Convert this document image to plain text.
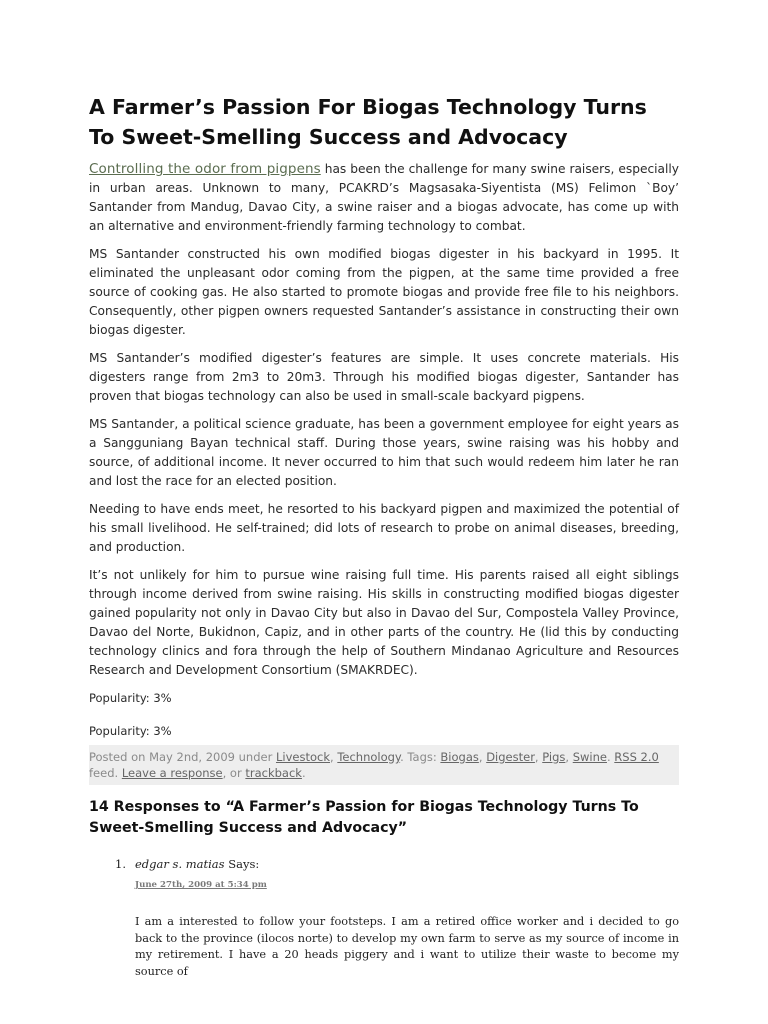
A Farmer’s Passion For Biogas Technology Turns To Sweet-Smelling Success and Advocacy

Controlling the odor from pigpens has been the challenge for many swine raisers, especially in urban areas. Unknown to many, PCAKRD’s Magsasaka-Siyentista (MS) Felimon `Boy’ Santander from Mandug, Davao City, a swine raiser and a biogas advocate, has come up with an alternative and environment-friendly farming technology to combat.

MS Santander constructed his own modified biogas digester in his backyard in 1995. It eliminated the unpleasant odor coming from the pigpen, at the same time provided a free source of cooking gas. He also started to promote biogas and provide free file to his neighbors. Consequently, other pigpen owners requested Santander’s assistance in constructing their own biogas digester.

MS Santander’s modified digester’s features are simple. It uses concrete materials. His digesters range from 2m3 to 20m3. Through his modified biogas digester, Santander has proven that biogas technology can also be used in small-scale backyard pigpens.

MS Santander, a political science graduate, has been a government employee for eight years as a Sangguniang Bayan technical staff. During those years, swine raising was his hobby and source, of additional income. It never occurred to him that such would redeem him later he ran and lost the race for an elected position.

Needing to have ends meet, he resorted to his backyard pigpen and maximized the potential of his small livelihood. He self-trained; did lots of research to probe on animal diseases, breeding, and production.

It’s not unlikely for him to pursue wine raising full time. His parents raised all eight siblings through income derived from swine raising. His skills in constructing modified biogas digester gained popularity not only in Davao City but also in Davao del Sur, Compostela Valley Province, Davao del Norte, Bukidnon, Capiz, and in other parts of the country. He (lid this by conducting technology clinics and fora through the help of Southern Mindanao Agriculture and Resources Research and Development Consortium (SMAKRDEC).

Popularity: 3%

Popularity: 3%

Posted on May 2nd, 2009 under Livestock, Technology. Tags: Biogas, Digester, Pigs, Swine. RSS 2.0 feed. Leave a response, or trackback.
14 Responses to “A Farmer’s Passion for Biogas Technology Turns To Sweet-Smelling Success and Advocacy”
1. edgar s. matias Says:
June 27th, 2009 at 5:34 pm
I am a interested to follow your footsteps. I am a retired office worker and i decided to go back to the province (ilocos norte) to develop my own farm to serve as my source of income in my retirement. I have a 20 heads piggery and i want to utilize their waste to become my source of
